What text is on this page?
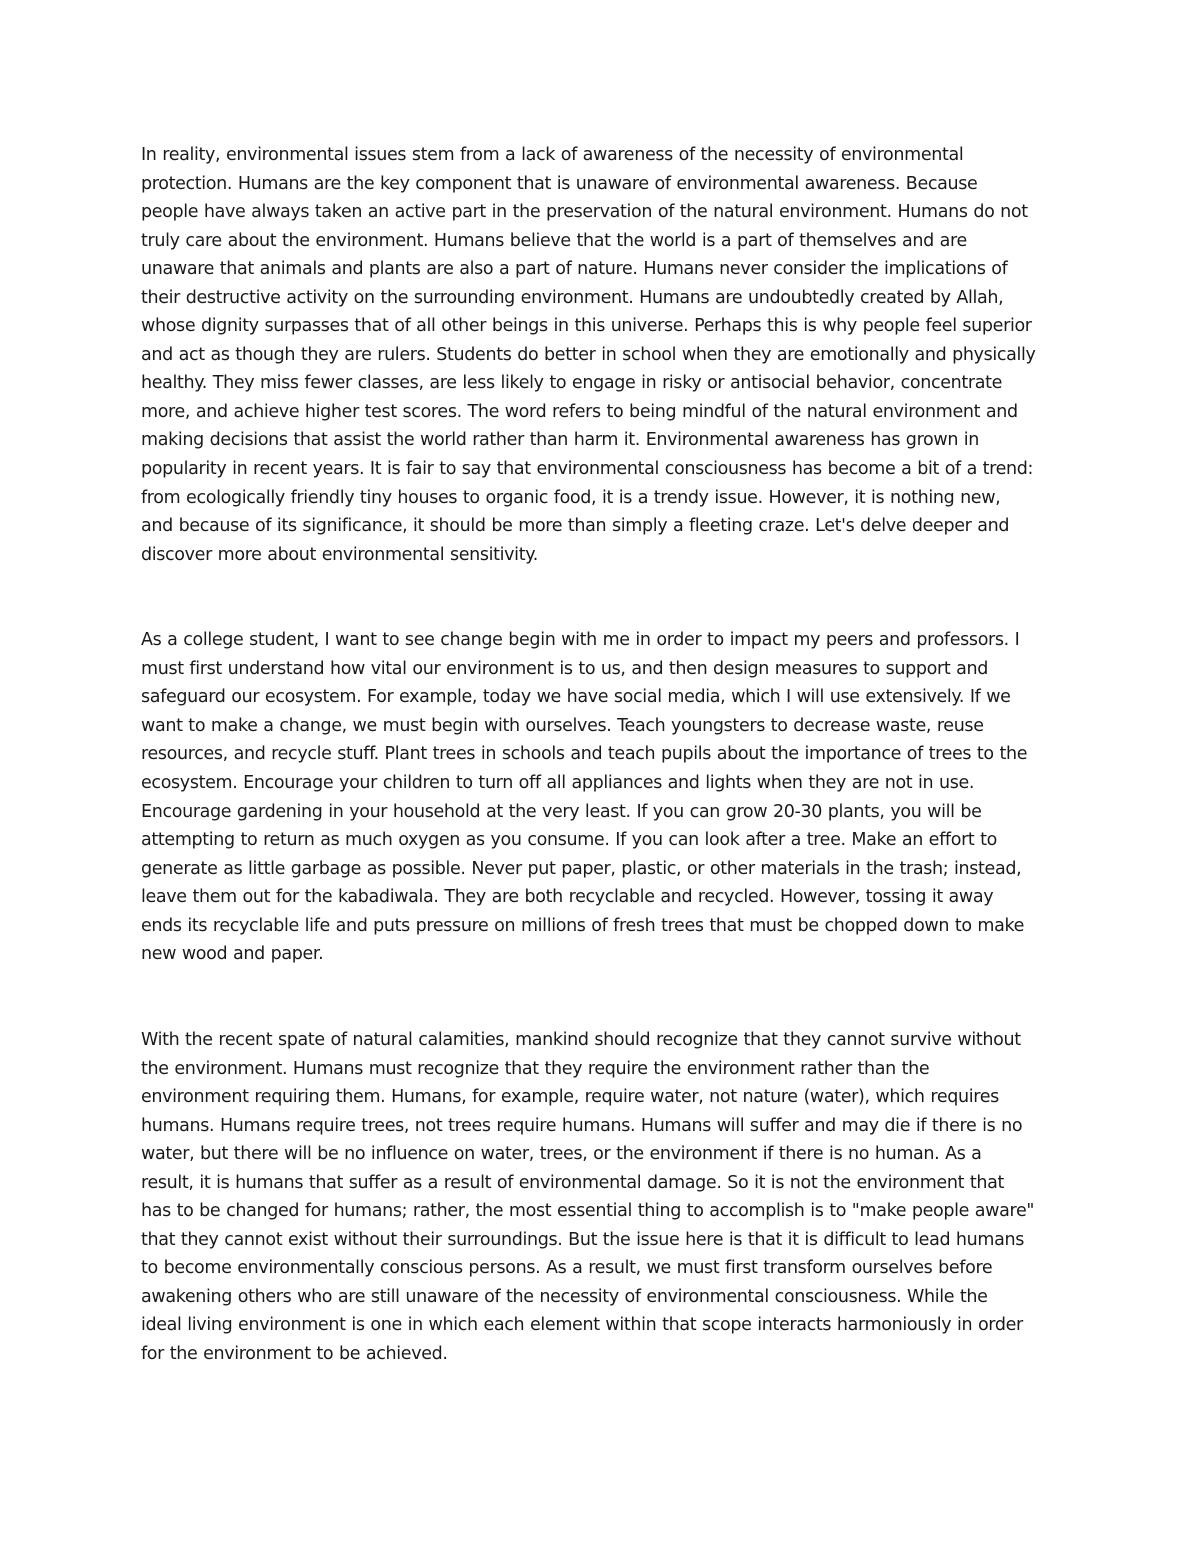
In reality, environmental issues stem from a lack of awareness of the necessity of environmental
protection. Humans are the key component that is unaware of environmental awareness. Because
people have always taken an active part in the preservation of the natural environment. Humans do not
truly care about the environment. Humans believe that the world is a part of themselves and are
unaware that animals and plants are also a part of nature. Humans never consider the implications of
their destructive activity on the surrounding environment. Humans are undoubtedly created by Allah,
whose dignity surpasses that of all other beings in this universe. Perhaps this is why people feel superior
and act as though they are rulers. Students do better in school when they are emotionally and physically
healthy. They miss fewer classes, are less likely to engage in risky or antisocial behavior, concentrate
more, and achieve higher test scores. The word refers to being mindful of the natural environment and
making decisions that assist the world rather than harm it. Environmental awareness has grown in
popularity in recent years. It is fair to say that environmental consciousness has become a bit of a trend:
from ecologically friendly tiny houses to organic food, it is a trendy issue. However, it is nothing new,
and because of its significance, it should be more than simply a fleeting craze. Let's delve deeper and
discover more about environmental sensitivity.

As a college student, I want to see change begin with me in order to impact my peers and professors. I
must first understand how vital our environment is to us, and then design measures to support and
safeguard our ecosystem. For example, today we have social media, which I will use extensively. If we
want to make a change, we must begin with ourselves. Teach youngsters to decrease waste, reuse
resources, and recycle stuff. Plant trees in schools and teach pupils about the importance of trees to the
ecosystem. Encourage your children to turn off all appliances and lights when they are not in use.
Encourage gardening in your household at the very least. If you can grow 20-30 plants, you will be
attempting to return as much oxygen as you consume. If you can look after a tree. Make an effort to
generate as little garbage as possible. Never put paper, plastic, or other materials in the trash; instead,
leave them out for the kabadiwala. They are both recyclable and recycled. However, tossing it away
ends its recyclable life and puts pressure on millions of fresh trees that must be chopped down to make
new wood and paper.

With the recent spate of natural calamities, mankind should recognize that they cannot survive without
the environment. Humans must recognize that they require the environment rather than the
environment requiring them. Humans, for example, require water, not nature (water), which requires
humans. Humans require trees, not trees require humans. Humans will suffer and may die if there is no
water, but there will be no influence on water, trees, or the environment if there is no human. As a
result, it is humans that suffer as a result of environmental damage. So it is not the environment that
has to be changed for humans; rather, the most essential thing to accomplish is to "make people aware"
that they cannot exist without their surroundings. But the issue here is that it is difficult to lead humans
to become environmentally conscious persons. As a result, we must first transform ourselves before
awakening others who are still unaware of the necessity of environmental consciousness. While the
ideal living environment is one in which each element within that scope interacts harmoniously in order
for the environment to be achieved.
